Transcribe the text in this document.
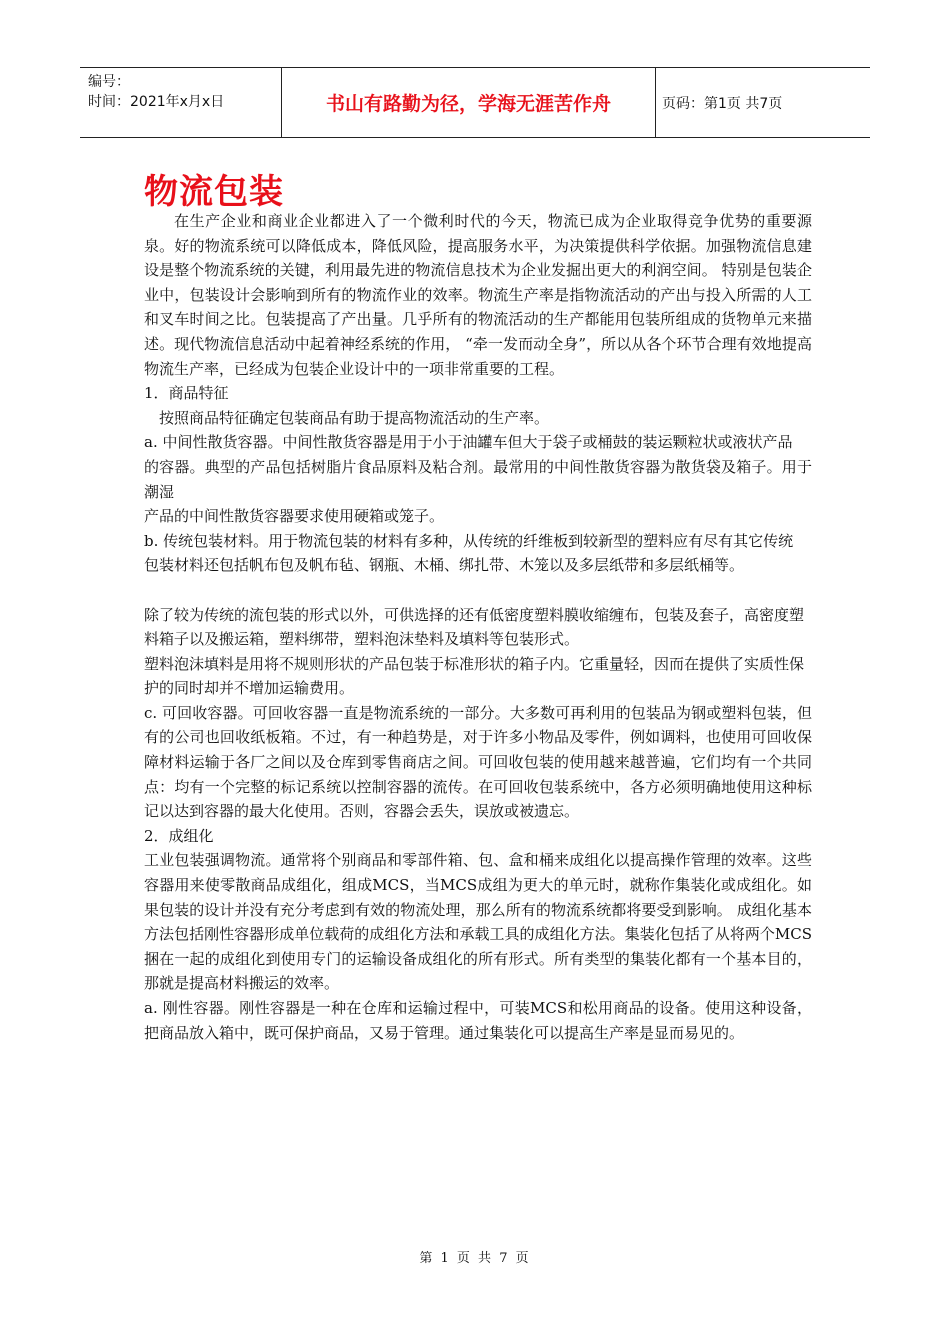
编号：
时间：2021年x月x日	书山有路勤为径，学海无涯苦作舟	页码：第1页 共7页
物流包装

在生产企业和商业企业都进入了一个微利时代的今天，物流已成为企业取得竞争优势的重要源泉。好的物流系统可以降低成本，降低风险，提高服务水平，为决策提供科学依据。加强物流信息建设是整个物流系统的关键，利用最先进的物流信息技术为企业发掘出更大的利润空间。 特别是包装企业中，包装设计会影响到所有的物流作业的效率。物流生产率是指物流活动的产出与投入所需的人工和叉车时间之比。包装提高了产出量。几乎所有的物流活动的生产都能用包装所组成的货物单元来描述。现代物流信息活动中起着神经系统的作用， “牵一发而动全身”，所以从各个环节合理有效地提高物流生产率，已经成为包装企业设计中的一项非常重要的工程。

1．商品特征

按照商品特征确定包装商品有助于提高物流活动的生产率。

a. 中间性散货容器。中间性散货容器是用于小于油罐车但大于袋子或桶鼓的装运颗粒状或液状产品

的容器。典型的产品包括树脂片食品原料及粘合剂。最常用的中间性散货容器为散货袋及箱子。用于潮湿

产品的中间性散货容器要求使用硬箱或笼子。

b. 传统包装材料。用于物流包装的材料有多种，从传统的纤维板到较新型的塑料应有尽有其它传统

包装材料还包括帆布包及帆布毡、钢瓶、木桶、绑扎带、木笼以及多层纸带和多层纸桶等。

除了较为传统的流包装的形式以外，可供选择的还有低密度塑料膜收缩缠布，包装及套子，高密度塑

料箱子以及搬运箱，塑料绑带，塑料泡沫垫料及填料等包装形式。

塑料泡沫填料是用将不规则形状的产品包装于标准形状的箱子内。它重量轻，因而在提供了实质性保

护的同时却并不增加运输费用。

c. 可回收容器。可回收容器一直是物流系统的一部分。大多数可再利用的包装品为钢或塑料包装，但有的公司也回收纸板箱。不过，有一种趋势是，对于许多小物品及零件，例如调料，也使用可回收保障材料运输于各厂之间以及仓库到零售商店之间。可回收包装的使用越来越普遍，它们均有一个共同点：均有一个完整的标记系统以控制容器的流传。在可回收包装系统中，各方必须明确地使用这种标记以达到容器的最大化使用。否则，容器会丢失，误放或被遗忘。

2．成组化

工业包装强调物流。通常将个别商品和零部件箱、包、盒和桶来成组化以提高操作管理的效率。这些容器用来使零散商品成组化，组成MCS，当MCS成组为更大的单元时，就称作集装化或成组化。如果包装的设计并没有充分考虑到有效的物流处理，那么所有的物流系统都将要受到影响。 成组化基本方法包括刚性容器形成单位载荷的成组化方法和承载工具的成组化方法。集装化包括了从将两个MCS捆在一起的成组化到使用专门的运输设备成组化的所有形式。所有类型的集装化都有一个基本目的，那就是提高材料搬运的效率。

a. 刚性容器。刚性容器是一种在仓库和运输过程中，可装MCS和松用商品的设备。使用这种设备，把商品放入箱中，既可保护商品，又易于管理。通过集装化可以提高生产率是显而易见的。

第 1 页 共 7 页
